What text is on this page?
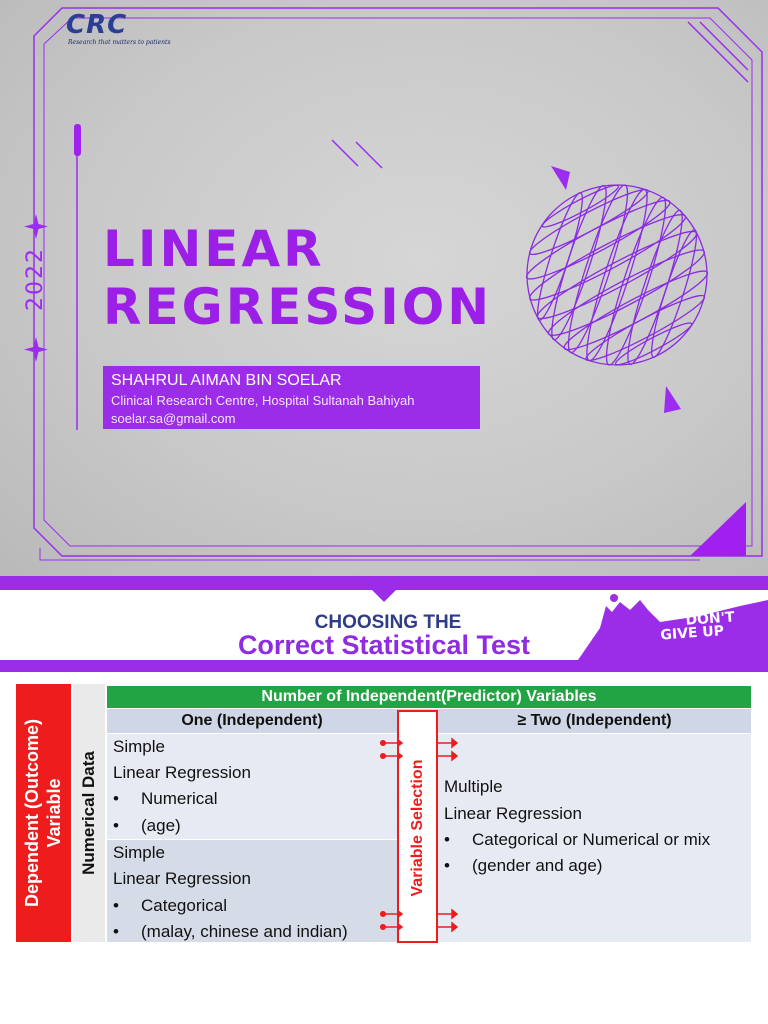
CRC
Research that matters to patients
2022	LINEAR
REGRESSION
SHAHRUL AIMAN BIN SOELAR
Clinical Research Centre, Hospital Sultanah Bahiyah
soelar.sa@gmail.com
CHOOSING THE
Correct Statistical Test
DON'T
GIVE UP
Dependent (Outcome) Variable Numerical Data
Number of Independent(Predictor) Variables
One (Independent)	≥ Two (Independent)
Simple
Linear Regression
• Numerical
• (age)
Simple
Linear Regression
• Categorical
• (malay, chinese and indian)
Multiple
Linear Regression
• Categorical or Numerical or mix
• (gender and age)
Variable Selection
